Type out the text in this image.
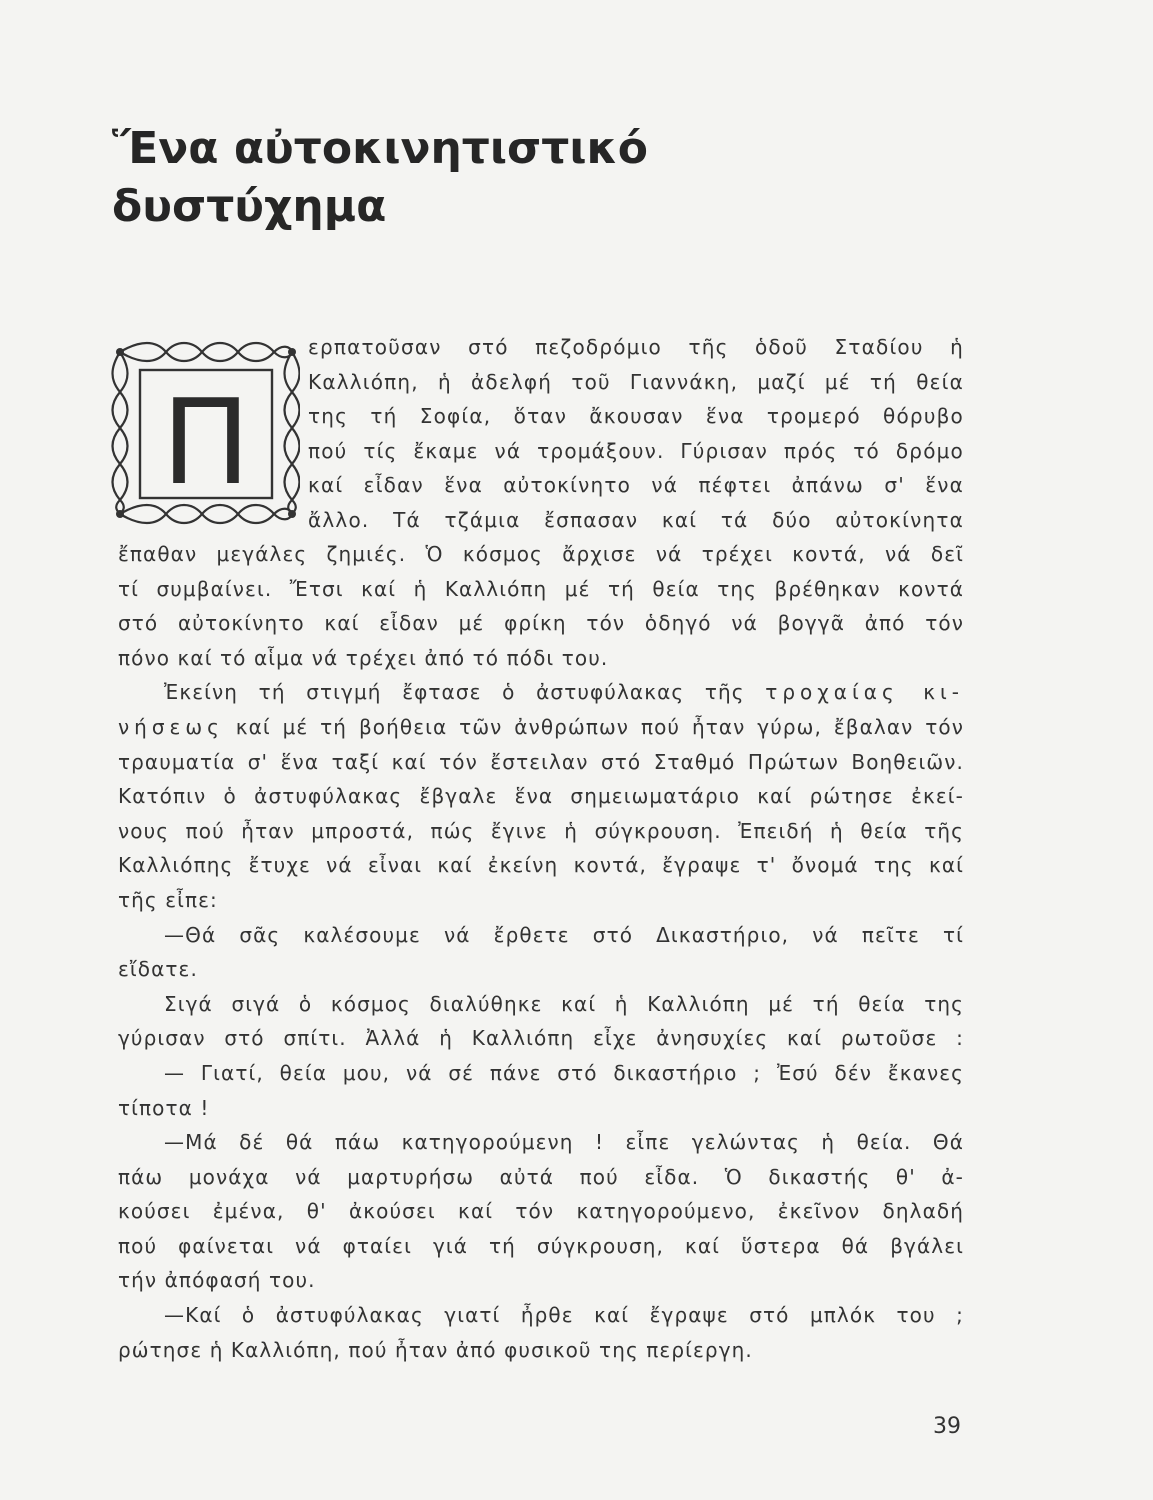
Ἕνα αὐτοκινητιστικό
δυστύχημα
Π
ερπατοῦσαν στό πεζοδρόμιο τῆς ὁδοῦ Σταδίου ἡ
Καλλιόπη, ἡ ἀδελφή τοῦ Γιαννάκη, μαζί μέ τή θεία
της τή Σοφία, ὅταν ἄκουσαν ἕνα τρομερό θόρυβο
πού τίς ἔκαμε νά τρομάξουν. Γύρισαν πρός τό δρόμο
καί εἶδαν ἕνα αὐτοκίνητο νά πέφτει ἀπάνω σ' ἕνα
ἄλλο. Τά τζάμια ἔσπασαν καί τά δύο αὐτοκίνητα
ἔπαθαν μεγάλες ζημιές. Ὁ κόσμος ἄρχισε νά τρέχει κοντά, νά δεῖ
τί συμβαίνει. Ἔτσι καί ἡ Καλλιόπη μέ τή θεία της βρέθηκαν κοντά
στό αὐτοκίνητο καί εἶδαν μέ φρίκη τόν ὁδηγό νά βογγᾶ ἀπό τόν
πόνο καί τό αἷμα νά τρέχει ἀπό τό πόδι του.
Ἐκείνη τή στιγμή ἔφτασε ὁ ἀστυφύλακας τῆς τροχαίας κι-
νήσεως καί μέ τή βοήθεια τῶν ἀνθρώπων πού ἦταν γύρω, ἔβαλαν τόν
τραυματία σ' ἕνα ταξί καί τόν ἔστειλαν στό Σταθμό Πρώτων Βοηθειῶν.
Κατόπιν ὁ ἀστυφύλακας ἔβγαλε ἕνα σημειωματάριο καί ρώτησε ἐκεί-
νους πού ἦταν μπροστά, πώς ἔγινε ἡ σύγκρουση. Ἐπειδή ἡ θεία τῆς
Καλλιόπης ἔτυχε νά εἶναι καί ἐκείνη κοντά, ἔγραψε τ' ὄνομά της καί
τῆς εἶπε:
—Θά σᾶς καλέσουμε νά ἔρθετε στό Δικαστήριο, νά πεῖτε τί
εἴδατε.
Σιγά σιγά ὁ κόσμος διαλύθηκε καί ἡ Καλλιόπη μέ τή θεία της
γύρισαν στό σπίτι. Ἀλλά ἡ Καλλιόπη εἶχε ἀνησυχίες καί ρωτοῦσε :
— Γιατί, θεία μου, νά σέ πάνε στό δικαστήριο ; Ἐσύ δέν ἔκανες
τίποτα !
—Μά δέ θά πάω κατηγορούμενη ! εἶπε γελώντας ἡ θεία. Θά
πάω μονάχα νά μαρτυρήσω αὐτά πού εἶδα. Ὁ δικαστής θ' ἀ-
κούσει ἐμένα, θ' ἀκούσει καί τόν κατηγορούμενο, ἐκεῖνον δηλαδή
πού φαίνεται νά φταίει γιά τή σύγκρουση, καί ὕστερα θά βγάλει
τήν ἀπόφασή του.
—Καί ὁ ἀστυφύλακας γιατί ἦρθε καί ἔγραψε στό μπλόκ του ;
ρώτησε ἡ Καλλιόπη, πού ἦταν ἀπό φυσικοῦ της περίεργη.
39
